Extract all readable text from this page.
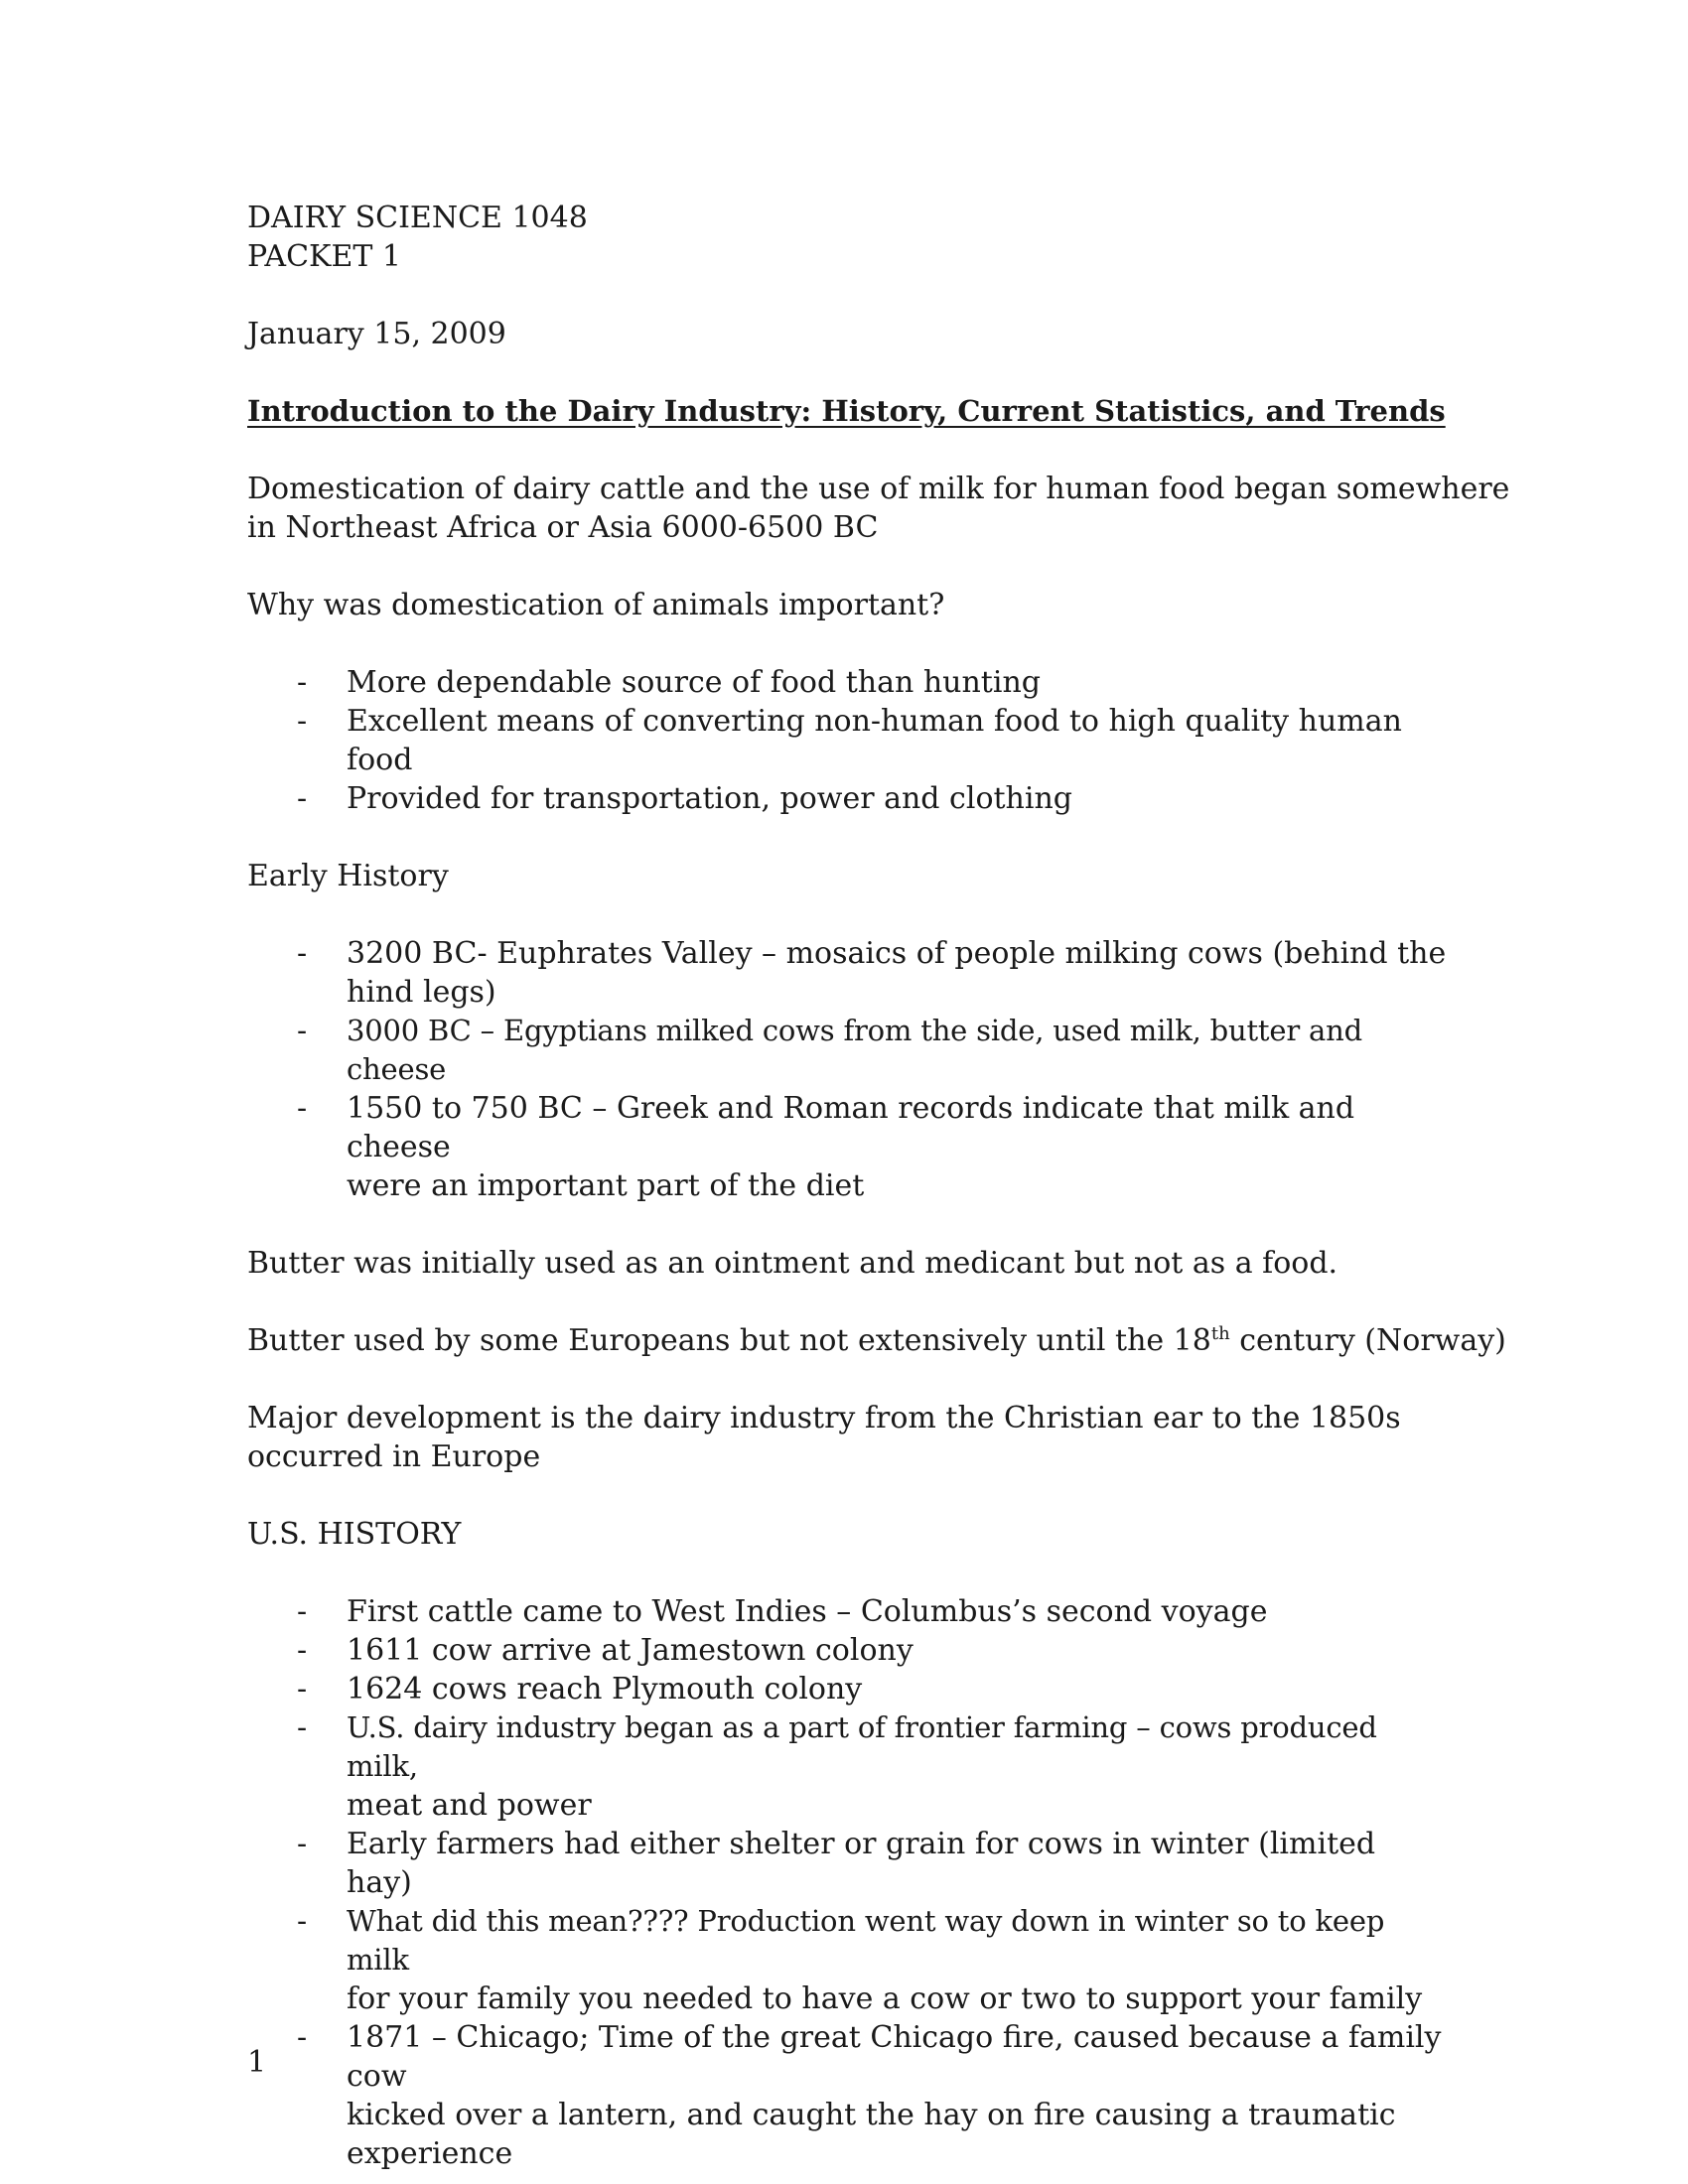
DAIRY SCIENCE 1048
PACKET 1
January 15, 2009
Introduction to the Dairy Industry: History, Current Statistics, and Trends
Domestication of dairy cattle and the use of milk for human food began somewhere
in Northeast Africa or Asia 6000-6500 BC
Why was domestication of animals important?
- More dependable source of food than hunting
- Excellent means of converting non-human food to high quality human food
- Provided for transportation, power and clothing
Early History
- 3200 BC- Euphrates Valley – mosaics of people milking cows (behind the
hind legs)
- 3000 BC – Egyptians milked cows from the side, used milk, butter and cheese
- 1550 to 750 BC – Greek and Roman records indicate that milk and cheese
were an important part of the diet
Butter was initially used as an ointment and medicant but not as a food.
Butter used by some Europeans but not extensively until the 18th century (Norway)
Major development is the dairy industry from the Christian ear to the 1850s
occurred in Europe
U.S. HISTORY
- First cattle came to West Indies – Columbus’s second voyage
- 1611 cow arrive at Jamestown colony
- 1624 cows reach Plymouth colony
- U.S. dairy industry began as a part of frontier farming – cows produced milk,
meat and power
- Early farmers had either shelter or grain for cows in winter (limited hay)
- What did this mean???? Production went way down in winter so to keep milk
for your family you needed to have a cow or two to support your family
- 1871 – Chicago; Time of the great Chicago fire, caused because a family cow
kicked over a lantern, and caught the hay on fire causing a traumatic
experience
1
